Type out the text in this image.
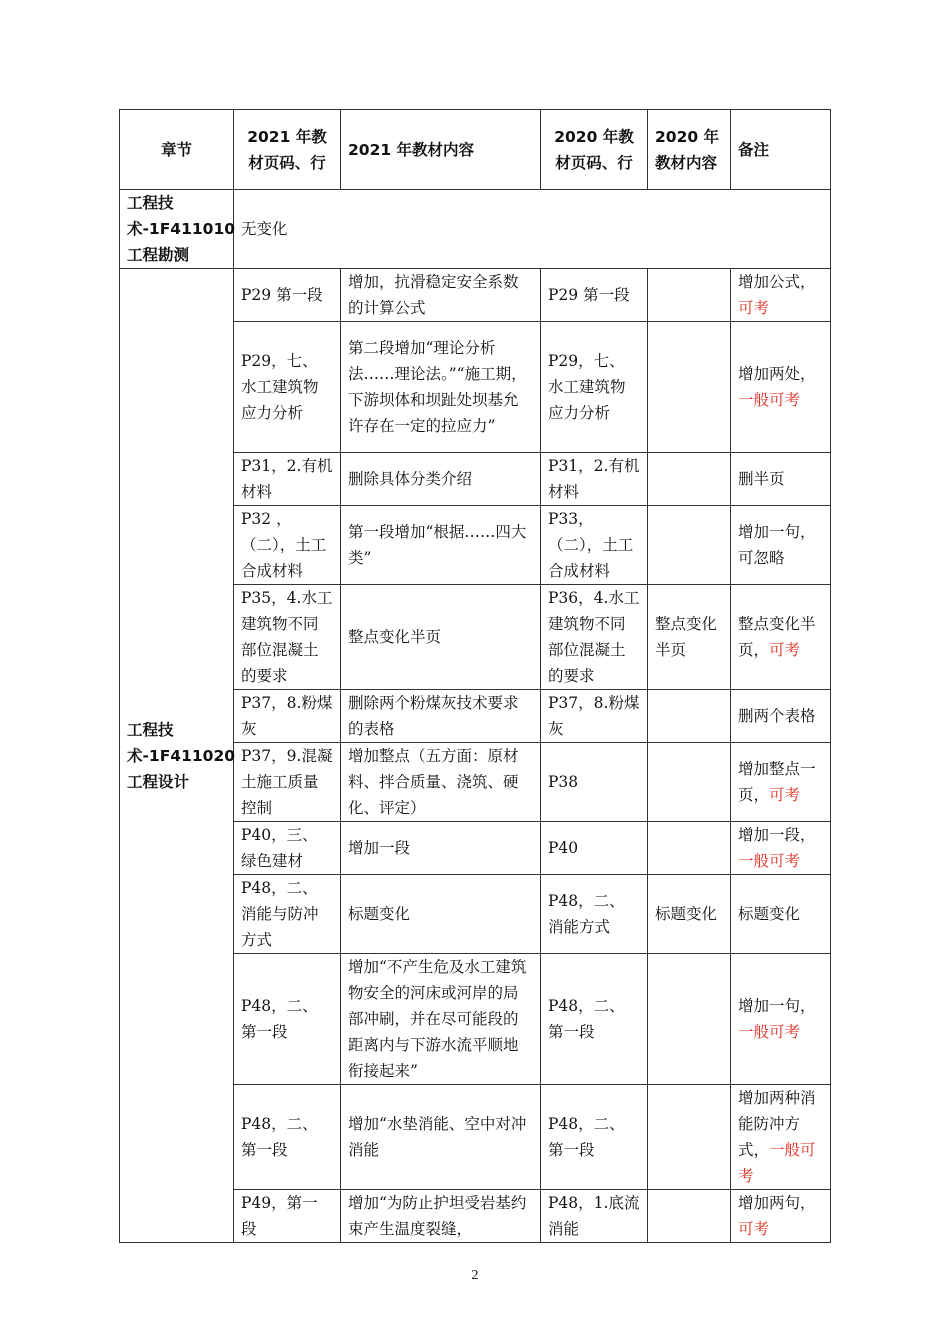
章节	2021 年教材页码、行	2021 年教材内容	2020 年教材页码、行	2020 年教材内容	备注
工程技术-1F411010 工程勘测	无变化				
工程技术-1F411020 工程设计	P29 第一段	增加，抗滑稳定安全系数的计算公式	P29 第一段		增加公式，可考
	P29，七、水工建筑物应力分析	第二段增加“理论分析法……理论法。”“施工期，下游坝体和坝趾处坝基允许存在一定的拉应力”	P29，七、水工建筑物应力分析		增加两处，一般可考
	P31，2.有机材料	删除具体分类介绍	P31，2.有机材料		删半页
	P32 ，（二），土工合成材料	第一段增加“根据……四大类”	P33，（二），土工合成材料		增加一句，可忽略
	P35，4.水工建筑物不同部位混凝土的要求	整点变化半页	P36，4.水工建筑物不同部位混凝土的要求	整点变化半页	整点变化半页，可考
	P37，8.粉煤灰	删除两个粉煤灰技术要求的表格	P37，8.粉煤灰		删两个表格
	P37，9.混凝土施工质量控制	增加整点（五方面：原材料、拌合质量、浇筑、硬化、评定）	P38		增加整点一页，可考
	P40，三、绿色建材	增加一段	P40		增加一段，一般可考
	P48，二、消能与防冲方式	标题变化	P48，二、消能方式	标题变化	标题变化
	P48，二、第一段	增加“不产生危及水工建筑物安全的河床或河岸的局部冲刷，并在尽可能段的距离内与下游水流平顺地衔接起来”	P48，二、第一段		增加一句，一般可考
	P48，二、第一段	增加“水垫消能、空中对冲消能	P48，二、第一段		增加两种消能防冲方式，一般可考
	P49，第一段	增加“为防止护坦受岩基约束产生温度裂缝，	P48，1.底流消能		增加两句，可考
2
